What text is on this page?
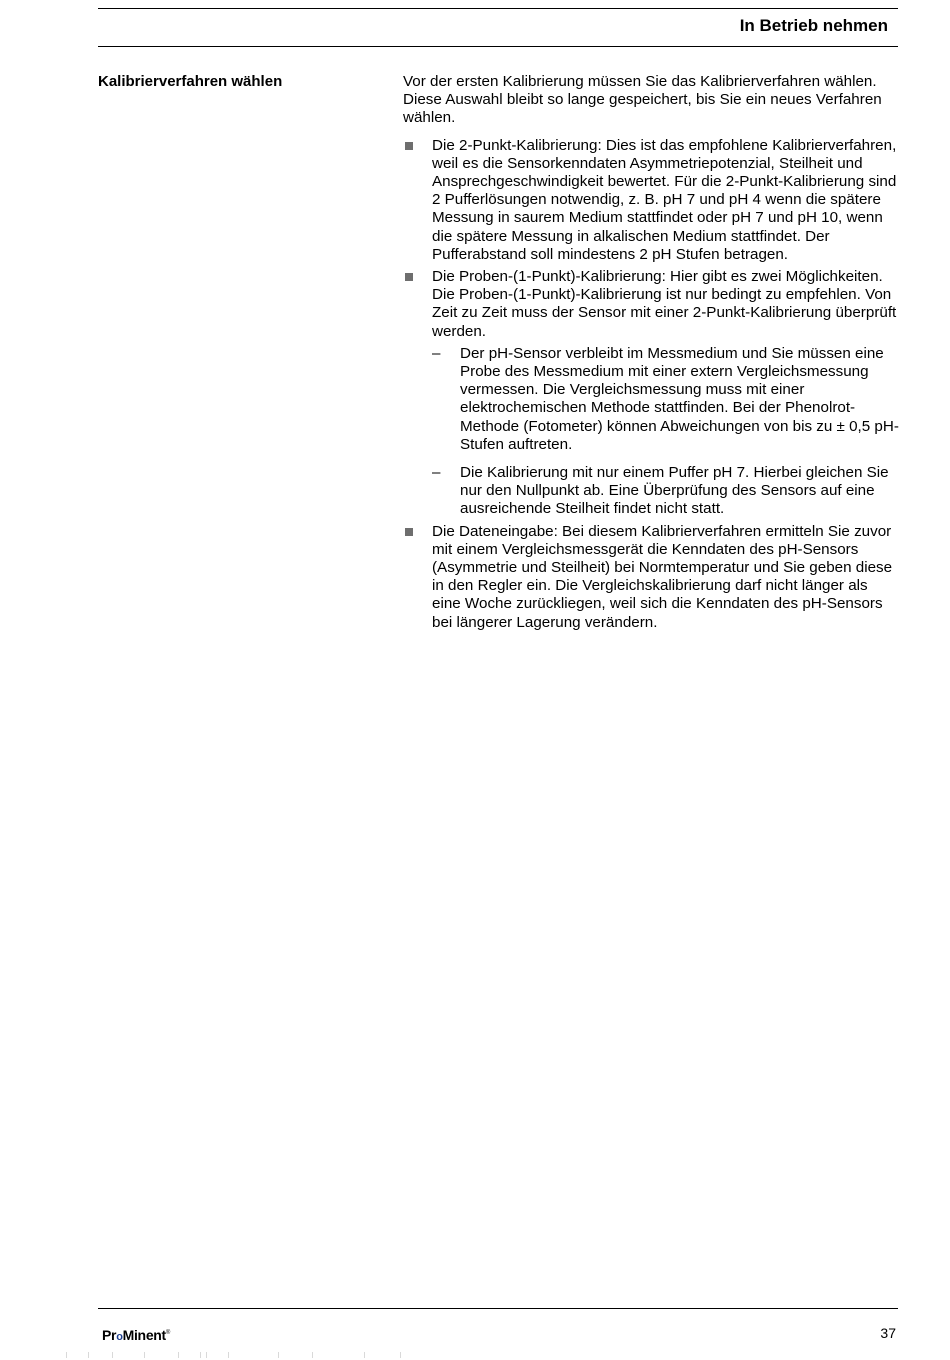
In Betrieb nehmen
Kalibrierverfahren wählen	Vor der ersten Kalibrierung müssen Sie das Kalibrierverfahren wählen. Diese Auswahl bleibt so lange gespeichert, bis Sie ein neues Verfahren wählen.

Die 2-Punkt-Kalibrierung: Dies ist das empfohlene Kalibrierverfahren, weil es die Sensorkenndaten Asymmetriepotenzial, Steilheit und Ansprechgeschwindigkeit bewertet. Für die 2-Punkt-Kalibrierung sind 2 Pufferlösungen notwendig, z. B. pH 7 und pH 4 wenn die spätere Messung in saurem Medium stattfindet oder pH 7 und pH 10, wenn die spätere Messung in alkalischen Medium stattfindet. Der Pufferabstand soll mindestens 2 pH Stufen betragen.
Die Proben-(1-Punkt)-Kalibrierung: Hier gibt es zwei Möglichkeiten. Die Proben-(1-Punkt)-Kalibrierung ist nur bedingt zu empfehlen. Von Zeit zu Zeit muss der Sensor mit einer 2-Punkt-Kalibrierung überprüft werden.
– Der pH-Sensor verbleibt im Messmedium und Sie müssen eine Probe des Messmedium mit einer extern Vergleichsmessung vermessen. Die Vergleichsmessung muss mit einer elektrochemischen Methode stattfinden. Bei der Phenolrot-Methode (Fotometer) können Abweichungen von bis zu ± 0,5 pH-Stufen auftreten.
– Die Kalibrierung mit nur einem Puffer pH 7. Hierbei gleichen Sie nur den Nullpunkt ab. Eine Überprüfung des Sensors auf eine ausreichende Steilheit findet nicht statt.
Die Dateneingabe: Bei diesem Kalibrierverfahren ermitteln Sie zuvor mit einem Vergleichsmessgerät die Kenndaten des pH-Sensors (Asymmetrie und Steilheit) bei Normtemperatur und Sie geben diese in den Regler ein. Die Vergleichskalibrierung darf nicht länger als eine Woche zurückliegen, weil sich die Kenndaten des pH-Sensors bei längerer Lagerung verändern.
ProMinent®	37
